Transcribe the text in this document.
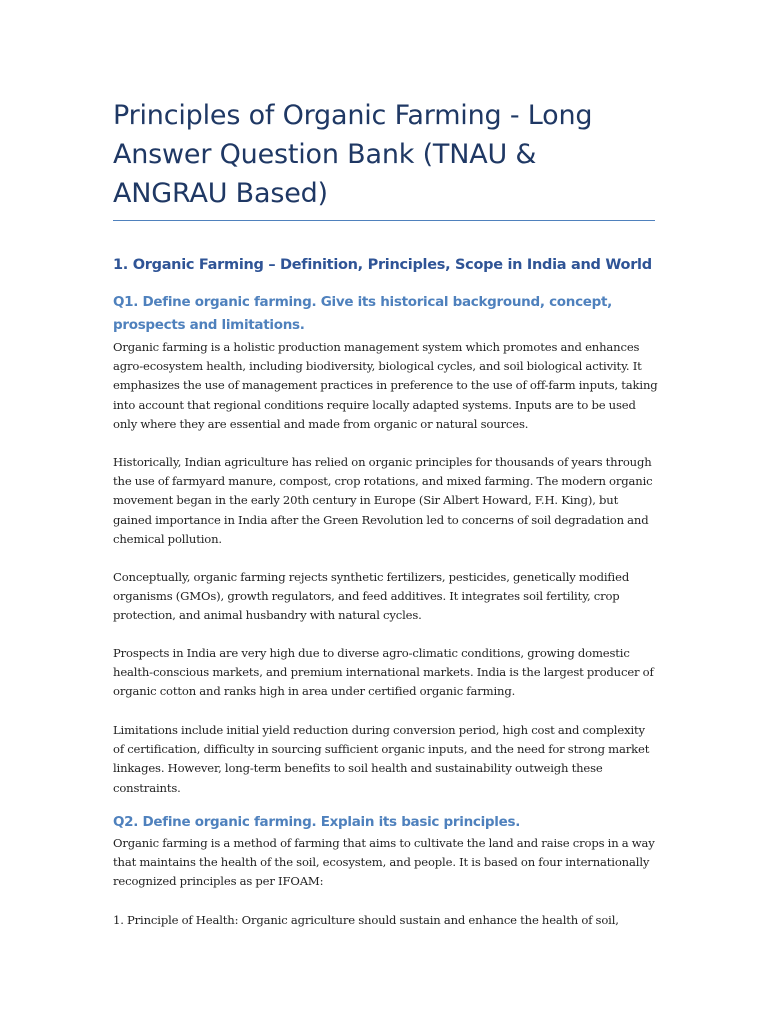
Principles of Organic Farming - Long Answer Question Bank (TNAU & ANGRAU Based)
1. Organic Farming – Definition, Principles, Scope in India and World
Q1. Define organic farming. Give its historical background, concept, prospects and limitations.

Organic farming is a holistic production management system which promotes and enhances agro-ecosystem health, including biodiversity, biological cycles, and soil biological activity. It emphasizes the use of management practices in preference to the use of off-farm inputs, taking into account that regional conditions require locally adapted systems. Inputs are to be used only where they are essential and made from organic or natural sources.

Historically, Indian agriculture has relied on organic principles for thousands of years through the use of farmyard manure, compost, crop rotations, and mixed farming. The modern organic movement began in the early 20th century in Europe (Sir Albert Howard, F.H. King), but gained importance in India after the Green Revolution led to concerns of soil degradation and chemical pollution.

Conceptually, organic farming rejects synthetic fertilizers, pesticides, genetically modified organisms (GMOs), growth regulators, and feed additives. It integrates soil fertility, crop protection, and animal husbandry with natural cycles.

Prospects in India are very high due to diverse agro-climatic conditions, growing domestic health-conscious markets, and premium international markets. India is the largest producer of organic cotton and ranks high in area under certified organic farming.

Limitations include initial yield reduction during conversion period, high cost and complexity of certification, difficulty in sourcing sufficient organic inputs, and the need for strong market linkages. However, long-term benefits to soil health and sustainability outweigh these constraints.

Q2. Define organic farming. Explain its basic principles.

Organic farming is a method of farming that aims to cultivate the land and raise crops in a way that maintains the health of the soil, ecosystem, and people. It is based on four internationally recognized principles as per IFOAM:

1. Principle of Health: Organic agriculture should sustain and enhance the health of soil,
